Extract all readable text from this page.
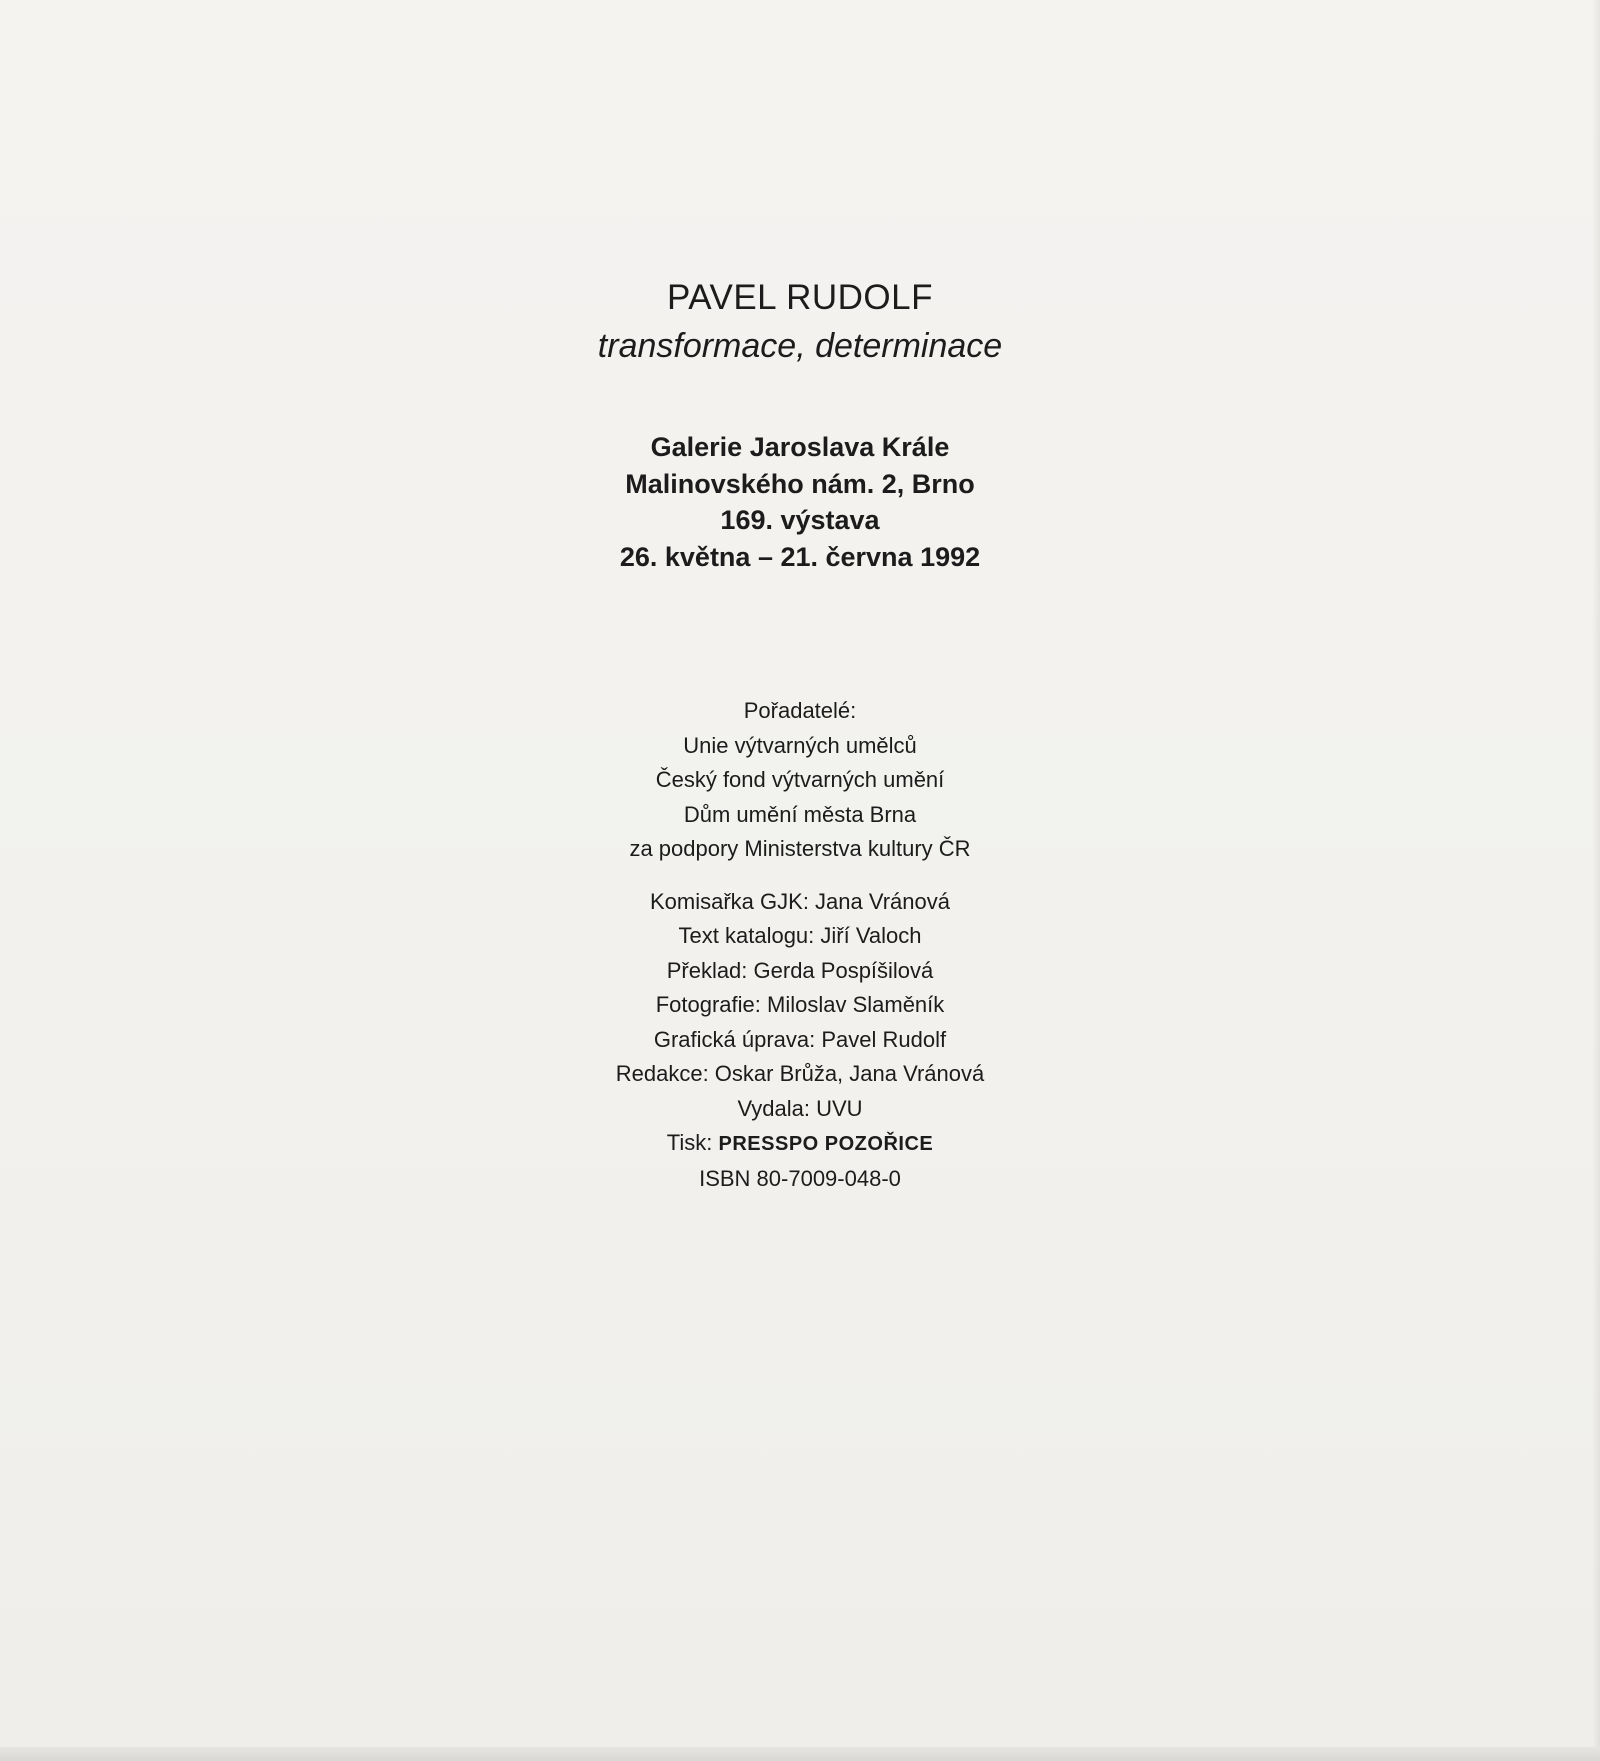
PAVEL RUDOLF
transformace, determinace
Galerie Jaroslava Krále
Malinovského nám. 2, Brno
169. výstava
26. května – 21. června 1992
Pořadatelé:
Unie výtvarných umělců
Český fond výtvarných umění
Dům umění města Brna
za podpory Ministerstva kultury ČR
Komisařka GJK: Jana Vránová
Text katalogu: Jiří Valoch
Překlad: Gerda Pospíšilová
Fotografie: Miloslav Slaměník
Grafická úprava: Pavel Rudolf
Redakce: Oskar Brůža, Jana Vránová
Vydala: UVU
Tisk: PRESSPO POZOŘICE
ISBN 80-7009-048-0
